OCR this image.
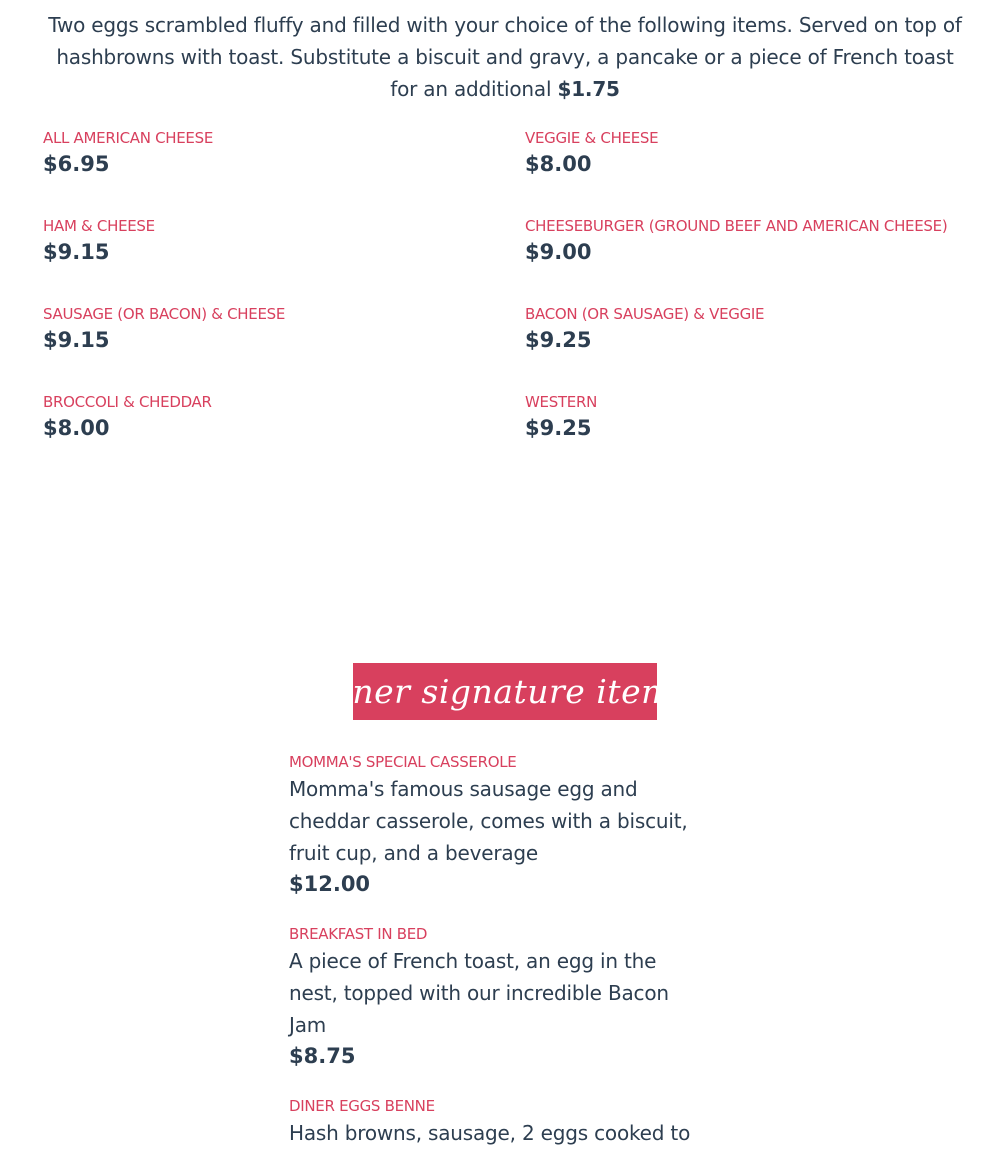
Two eggs scrambled fluffy and filled with your choice of the following items. Served on top of hashbrowns with toast. Substitute a biscuit and gravy, a pancake or a piece of French toast for an additional $1.75
ALL AMERICAN CHEESE
$6.95
VEGGIE & CHEESE
$8.00
HAM & CHEESE
$9.15
CHEESEBURGER (GROUND BEEF AND AMERICAN CHEESE)
$9.00
SAUSAGE (OR BACON) & CHEESE
$9.15
BACON (OR SAUSAGE) & VEGGIE
$9.25
BROCCOLI & CHEDDAR
$8.00
WESTERN
$9.25
diner signature items
MOMMA'S SPECIAL CASSEROLE
Momma's famous sausage egg and cheddar casserole, comes with a biscuit, fruit cup, and a beverage
$12.00
BREAKFAST IN BED
A piece of French toast, an egg in the nest, topped with our incredible Bacon Jam
$8.75
DINER EGGS BENNE
Hash browns, sausage, 2 eggs cooked to
